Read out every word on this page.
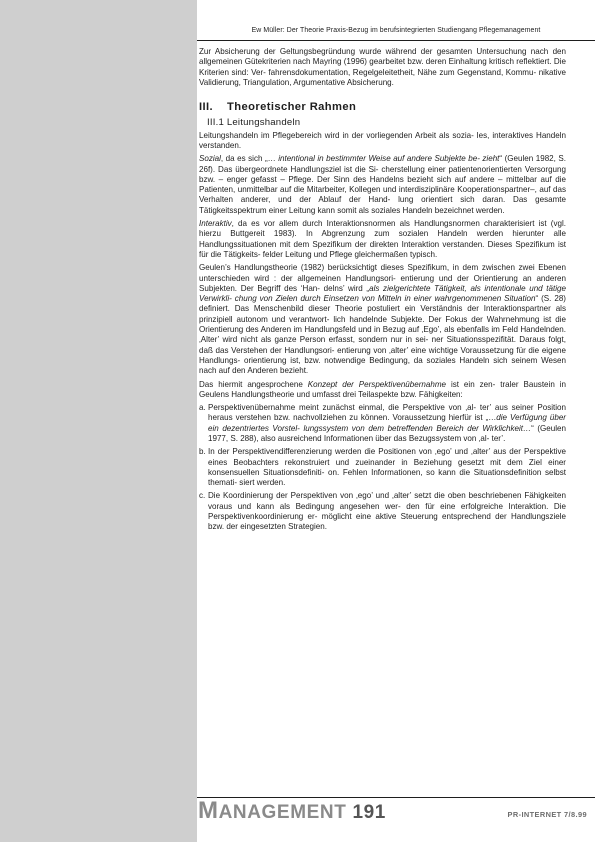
Ew Müller: Der Theorie Praxis-Bezug im berufsintegrierten Studiengang Pflegemanagement

Zur Absicherung der Geltungsbegründung wurde während der gesamten Untersuchung nach den allgemeinen Gütekriterien nach Mayring (1996) gearbeitet bzw. deren Einhaltung kritisch reflektiert. Die Kriterien sind: Ver- fahrensdokumentation, Regelgeleitetheit, Nähe zum Gegenstand, Kommu- nikative Validierung, Triangulation, Argumentative Absicherung.

III. Theoretischer Rahmen
III.1 Leitungshandeln

Leitungshandeln im Pflegebereich wird in der vorliegenden Arbeit als sozia- les, interaktives Handeln verstanden.

Sozial, da es sich „… intentional in bestimmter Weise auf andere Subjekte be- zieht“ (Geulen 1982, S. 26f). Das übergeordnete Handlungsziel ist die Si- cherstellung einer patientenorientierten Versorgung bzw. – enger gefasst – Pflege. Der Sinn des Handelns bezieht sich auf andere – mittelbar auf die Patienten, unmittelbar auf die Mitarbeiter, Kollegen und interdisziplinäre Kooperationspartner–, auf das Verhalten anderer, und der Ablauf der Hand- lung orientiert sich daran. Das gesamte Tätigkeitsspektrum einer Leitung kann somit als soziales Handeln bezeichnet werden.

Interaktiv, da es vor allem durch Interaktionsnormen als Handlungsnormen charakterisiert ist (vgl. hierzu Buttgereit 1983). In Abgrenzung zum sozialen Handeln werden hierunter alle Handlungssituationen mit dem Spezifikum der direkten Interaktion verstanden. Dieses Spezifikum ist für die Tätigkeits- felder Leitung und Pflege gleichermaßen typisch.

Geulen’s Handlungstheorie (1982) berücksichtigt dieses Spezifikum, in dem zwischen zwei Ebenen unterschieden wird : der allgemeinen Handlungsori- entierung und der Orientierung an anderen Subjekten. Der Begriff des ‘Han- delns’ wird „als zielgerichtete Tätigkeit, als intentionale und tätige Verwirkli- chung von Zielen durch Einsetzen von Mitteln in einer wahrgenommenen Situation“ (S. 28) definiert. Das Menschenbild dieser Theorie postuliert ein Verständnis der Interaktionspartner als prinzipiell autonom und verantwort- lich handelnde Subjekte. Der Fokus der Wahrnehmung ist die Orientierung des Anderen im Handlungsfeld und in Bezug auf ‚Ego’, als ebenfalls im Feld Handelnden. ‚Alter’ wird nicht als ganze Person erfasst, sondern nur in sei- ner Situationsspezifität. Daraus folgt, daß das Verstehen der Handlungsori- entierung von ‚alter’ eine wichtige Voraussetzung für die eigene Handlungs- orientierung ist, bzw. notwendige Bedingung, da soziales Handeln sich seinem Wesen nach auf den Anderen bezieht.

Das hiermit angesprochene Konzept der Perspektivenübernahme ist ein zen- traler Baustein in Geulens Handlungstheorie und umfasst drei Teilaspekte bzw. Fähigkeiten:

a. Perspektivenübernahme meint zunächst einmal, die Perspektive von ‚al- ter’ aus seiner Position heraus verstehen bzw. nachvollziehen zu können. Voraussetzung hierfür ist „…die Verfügung über ein dezentriertes Vorstel- lungssystem von dem betreffenden Bereich der Wirklichkeit…“ (Geulen 1977, S. 288), also ausreichend Informationen über das Bezugssystem von ‚al- ter’.
b. In der Perspektivendifferenzierung werden die Positionen von ‚ego’ und ‚alter’ aus der Perspektive eines Beobachters rekonstruiert und zueinander in Beziehung gesetzt mit dem Ziel einer konsensuellen Situationsdefiniti- on. Fehlen Informationen, so kann die Situationsdefinition selbst themati- siert werden.
c. Die Koordinierung der Perspektiven von ‚ego’ und ‚alter’ setzt die oben beschriebenen Fähigkeiten voraus und kann als Bedingung angesehen wer- den für eine erfolgreiche Interaktion. Die Perspektivenkoordinierung er- möglicht eine aktive Steuerung entsprechend der Handlungsziele bzw. der eingesetzten Strategien.
MANAGEMENT 191	PR-INTERNET 7/8.99
